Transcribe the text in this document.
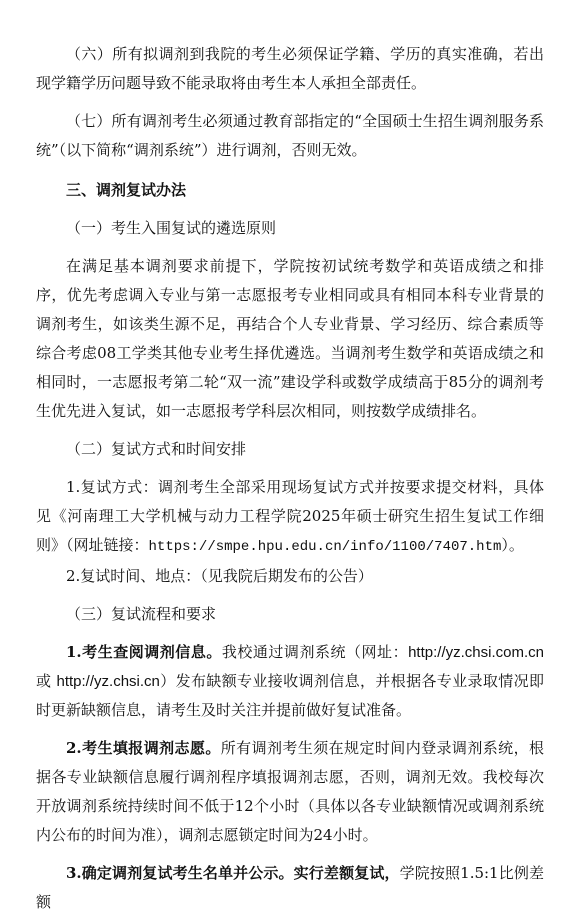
（六）所有拟调剂到我院的考生必须保证学籍、学历的真实准确，若出现学籍学历问题导致不能录取将由考生本人承担全部责任。

（七）所有调剂考生必须通过教育部指定的“全国硕士生招生调剂服务系统”（以下简称“调剂系统”）进行调剂，否则无效。

三、调剂复试办法

（一）考生入围复试的遴选原则

在满足基本调剂要求前提下，学院按初试统考数学和英语成绩之和排序，优先考虑调入专业与第一志愿报考专业相同或具有相同本科专业背景的调剂考生，如该类生源不足，再结合个人专业背景、学习经历、综合素质等综合考虑08工学类其他专业考生择优遴选。当调剂考生数学和英语成绩之和相同时，一志愿报考第二轮“双一流”建设学科或数学成绩高于85分的调剂考生优先进入复试，如一志愿报考学科层次相同，则按数学成绩排名。

（二）复试方式和时间安排

1.复试方式：调剂考生全部采用现场复试方式并按要求提交材料，具体见《河南理工大学机械与动力工程学院2025年硕士研究生招生复试工作细则》（网址链接：https://smpe.hpu.edu.cn/info/1100/7407.htm）。

2.复试时间、地点：（见我院后期发布的公告）

（三）复试流程和要求

1.考生查阅调剂信息。我校通过调剂系统（网址：http://yz.chsi.com.cn 或 http://yz.chsi.cn）发布缺额专业接收调剂信息，并根据各专业录取情况即时更新缺额信息，请考生及时关注并提前做好复试准备。

2.考生填报调剂志愿。所有调剂考生须在规定时间内登录调剂系统，根据各专业缺额信息履行调剂程序填报调剂志愿，否则，调剂无效。我校每次开放调剂系统持续时间不低于12个小时（具体以各专业缺额情况或调剂系统内公布的时间为准），调剂志愿锁定时间为24小时。

3.确定调剂复试考生名单并公示。实行差额复试，学院按照1.5:1比例差额
